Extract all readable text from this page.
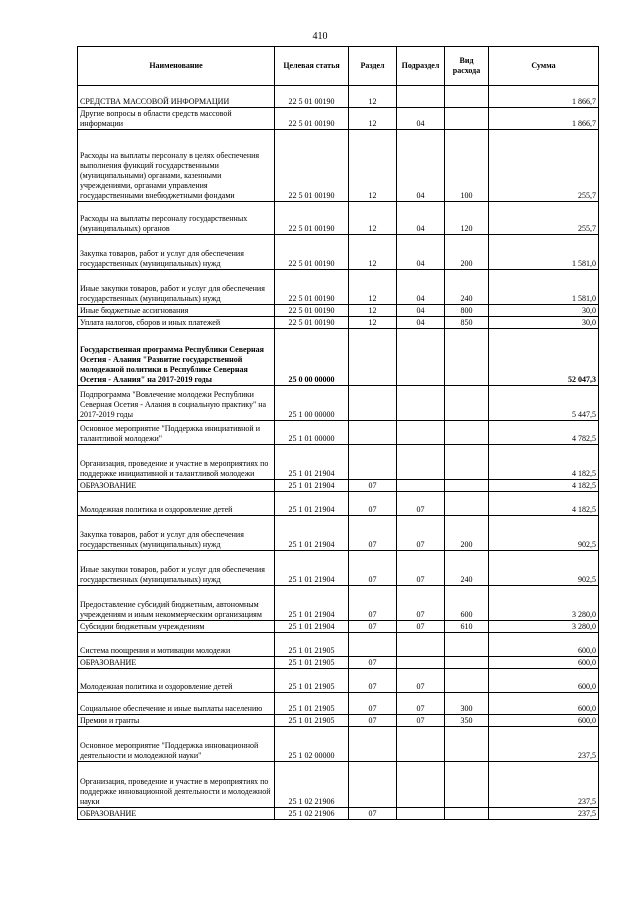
410
Наименование	Целевая статья	Раздел	Подраздел	Вид расхода	Сумма
СРЕДСТВА МАССОВОЙ ИНФОРМАЦИИ	22 5 01 00190	12			1 866,7
Другие вопросы в области средств массовой информации	22 5 01 00190	12	04		1 866,7
Расходы на выплаты персоналу в целях обеспечения выполнения функций государственными (муниципальными) органами, казенными учреждениями, органами управления государственными внебюджетными фондами	22 5 01 00190	12	04	100	255,7
Расходы на выплаты персоналу государственных (муниципальных) органов	22 5 01 00190	12	04	120	255,7
Закупка товаров, работ и услуг для обеспечения государственных (муниципальных) нужд	22 5 01 00190	12	04	200	1 581,0
Иные закупки товаров, работ и услуг для обеспечения государственных (муниципальных) нужд	22 5 01 00190	12	04	240	1 581,0
Иные бюджетные ассигнования	22 5 01 00190	12	04	800	30,0
Уплата налогов, сборов и иных платежей	22 5 01 00190	12	04	850	30,0
Государственная программа Республики Северная Осетия - Алания "Развитие государственной молодежной политики в Республике Северная Осетия - Алания" на 2017-2019 годы	25 0 00 00000				52 047,3
Подпрограмма "Вовлечение молодежи Республики Северная Осетия - Алания в социальную практику" на 2017-2019 годы	25 1 00 00000				5 447,5
Основное мероприятие "Поддержка инициативной и талантливой молодежи"	25 1 01 00000				4 782,5
Организация, проведение и участие в мероприятиях по поддержке инициативной и талантливой молодежи	25 1 01 21904				4 182,5
ОБРАЗОВАНИЕ	25 1 01 21904	07			4 182,5
Молодежная политика и оздоровление детей	25 1 01 21904	07	07		4 182,5
Закупка товаров, работ и услуг для обеспечения государственных (муниципальных) нужд	25 1 01 21904	07	07	200	902,5
Иные закупки товаров, работ и услуг для обеспечения государственных (муниципальных) нужд	25 1 01 21904	07	07	240	902,5
Предоставление субсидий бюджетным, автономным учреждениям и иным некоммерческим организациям	25 1 01 21904	07	07	600	3 280,0
Субсидии бюджетным учреждениям	25 1 01 21904	07	07	610	3 280,0
Система поощрения и мотивации молодежи	25 1 01 21905				600,0
ОБРАЗОВАНИЕ	25 1 01 21905	07			600,0
Молодежная политика и оздоровление детей	25 1 01 21905	07	07		600,0
Социальное обеспечение и иные выплаты населению	25 1 01 21905	07	07	300	600,0
Премии и гранты	25 1 01 21905	07	07	350	600,0
Основное мероприятие "Поддержка инновационной деятельности и молодежной науки"	25 1 02 00000				237,5
Организация, проведение и участие в мероприятиях по поддержке инновационной деятельности и молодежной науки	25 1 02 21906				237,5
ОБРАЗОВАНИЕ	25 1 02 21906	07			237,5
